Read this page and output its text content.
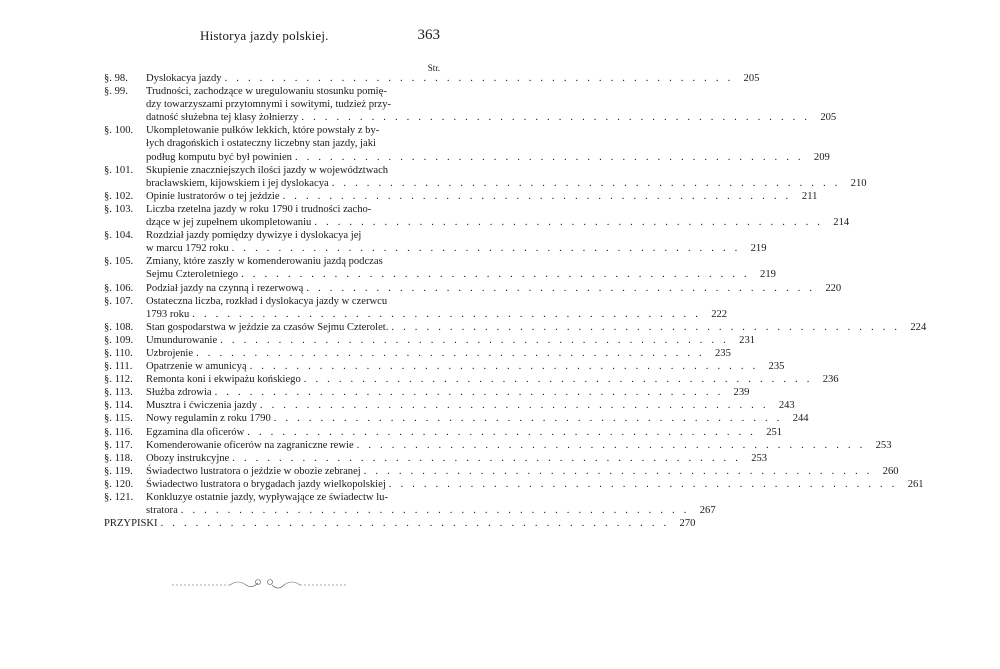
Historya jazdy polskiej.	363
Str.
§. 98.	Dyslokacya jazdy . . . . . . . . . . . . . . . . . . . . . . . . . . . . . . . . . . . . . . . . . . . . 205
§. 99.	Trudności, zachodzące w uregulowaniu stosunku pomię-
dzy towarzyszami przytomnymi i sowitymi, tudzież przy-
datność służebna tej klasy żołnierzy . . . . . . . . . . . . . . . . . . . . . . . . . . . . . . . . . . . . . . . . . . . . 205
§. 100.	Ukompletowanie pułków lekkich, które powstały z by-
łych dragońskich i ostateczny liczebny stan jazdy, jaki
podług komputu być był powinien . . . . . . . . . . . . . . . . . . . . . . . . . . . . . . . . . . . . . . . . . . . . 209
§. 101.	Skupienie znaczniejszych ilości jazdy w województwach
bracławskiem, kijowskiem i jej dyslokacya . . . . . . . . . . . . . . . . . . . . . . . . . . . . . . . . . . . . . . . . . . . . 210
§. 102.	Opinie lustratorów o tej jeździe . . . . . . . . . . . . . . . . . . . . . . . . . . . . . . . . . . . . . . . . . . . . 211
§. 103.	Liczba rzetelna jazdy w roku 1790 i trudności zacho-
dzące w jej zupełnem ukompletowaniu . . . . . . . . . . . . . . . . . . . . . . . . . . . . . . . . . . . . . . . . . . . . 214
§. 104.	Rozdział jazdy pomiędzy dywizye i dyslokacya jej
w marcu 1792 roku . . . . . . . . . . . . . . . . . . . . . . . . . . . . . . . . . . . . . . . . . . . . 219
§. 105.	Zmiany, które zaszły w komenderowaniu jazdą podczas
Sejmu Czteroletniego . . . . . . . . . . . . . . . . . . . . . . . . . . . . . . . . . . . . . . . . . . . . 219
§. 106.	Podział jazdy na czynną i rezerwową . . . . . . . . . . . . . . . . . . . . . . . . . . . . . . . . . . . . . . . . . . . . 220
§. 107.	Ostateczna liczba, rozkład i dyslokacya jazdy w czerwcu
1793 roku . . . . . . . . . . . . . . . . . . . . . . . . . . . . . . . . . . . . . . . . . . . . 222
§. 108.	Stan gospodarstwa w jeździe za czasów Sejmu Czterolet. . . . . . . . . . . . . . . . . . . . . . . . . . . . . . . . . . . . . . . . . . . . . 224
§. 109.	Umundurowanie . . . . . . . . . . . . . . . . . . . . . . . . . . . . . . . . . . . . . . . . . . . . 231
§. 110.	Uzbrojenie . . . . . . . . . . . . . . . . . . . . . . . . . . . . . . . . . . . . . . . . . . . . 235
§. 111.	Opatrzenie w amunicyą . . . . . . . . . . . . . . . . . . . . . . . . . . . . . . . . . . . . . . . . . . . . 235
§. 112.	Remonta koni i ekwipażu końskiego . . . . . . . . . . . . . . . . . . . . . . . . . . . . . . . . . . . . . . . . . . . . 236
§. 113.	Służba zdrowia . . . . . . . . . . . . . . . . . . . . . . . . . . . . . . . . . . . . . . . . . . . . 239
§. 114.	Musztra i ćwiczenia jazdy . . . . . . . . . . . . . . . . . . . . . . . . . . . . . . . . . . . . . . . . . . . . 243
§. 115.	Nowy regulamin z roku 1790 . . . . . . . . . . . . . . . . . . . . . . . . . . . . . . . . . . . . . . . . . . . . 244
§. 116.	Egzamina dla oficerów . . . . . . . . . . . . . . . . . . . . . . . . . . . . . . . . . . . . . . . . . . . . 251
§. 117.	Komenderowanie oficerów na zagraniczne rewie . . . . . . . . . . . . . . . . . . . . . . . . . . . . . . . . . . . . . . . . . . . . 253
§. 118.	Obozy instrukcyjne . . . . . . . . . . . . . . . . . . . . . . . . . . . . . . . . . . . . . . . . . . . . 253
§. 119.	Świadectwo lustratora o jeździe w obozie zebranej . . . . . . . . . . . . . . . . . . . . . . . . . . . . . . . . . . . . . . . . . . . . 260
§. 120.	Świadectwo lustratora o brygadach jazdy wielkopolskiej . . . . . . . . . . . . . . . . . . . . . . . . . . . . . . . . . . . . . . . . . . . . 261
§. 121.	Konkluzye ostatnie jazdy, wypływające ze świadectw lu-
stratora . . . . . . . . . . . . . . . . . . . . . . . . . . . . . . . . . . . . . . . . . . . . 267
PRZYPISKI . . . . . . . . . . . . . . . . . . . . . . . . . . . . . . . . . . . . . . . . . . . . 270
